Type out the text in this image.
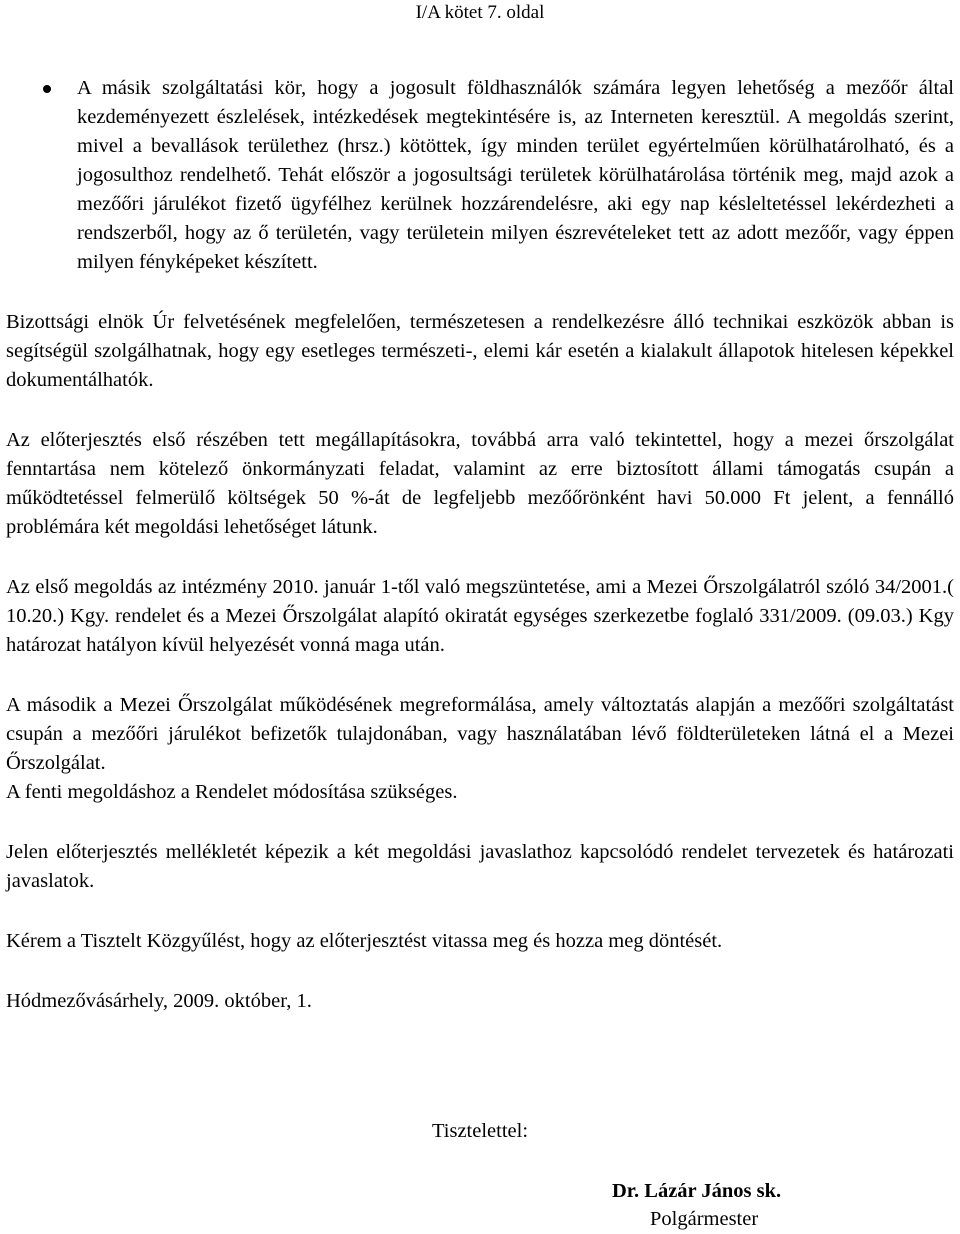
I/A kötet 7. oldal
A másik szolgáltatási kör, hogy a jogosult földhasználók számára legyen lehetőség a mezőőr által kezdeményezett észlelések, intézkedések megtekintésére is, az Interneten keresztül. A megoldás szerint, mivel a bevallások területhez (hrsz.) kötöttek, így minden terület egyértelműen körülhatárolható, és a jogosulthoz rendelhető. Tehát először a jogosultsági területek körülhatárolása történik meg, majd azok a mezőőri járulékot fizető ügyfélhez kerülnek hozzárendelésre, aki egy nap késleltetéssel lekérdezheti a rendszerből, hogy az ő területén, vagy területein milyen észrevételeket tett az adott mezőőr, vagy éppen milyen fényképeket készített.
Bizottsági elnök Úr felvetésének megfelelően, természetesen a rendelkezésre álló technikai eszközök abban is segítségül szolgálhatnak, hogy egy esetleges természeti-, elemi kár esetén a kialakult állapotok hitelesen képekkel dokumentálhatók.
Az előterjesztés első részében tett megállapításokra, továbbá arra való tekintettel, hogy a mezei őrszolgálat fenntartása nem kötelező önkormányzati feladat, valamint az erre biztosított állami támogatás csupán a működtetéssel felmerülő költségek 50 %-át de legfeljebb mezőőrönként havi 50.000 Ft jelent, a fennálló problémára két megoldási lehetőséget látunk.
Az első megoldás az intézmény 2010. január 1-től való megszüntetése, ami a Mezei Őrszolgálatról szóló 34/2001.( 10.20.) Kgy. rendelet és a Mezei Őrszolgálat alapító okiratát egységes szerkezetbe foglaló 331/2009. (09.03.) Kgy határozat hatályon kívül helyezését vonná maga után.
A második a Mezei Őrszolgálat működésének megreformálása, amely változtatás alapján a mezőőri szolgáltatást csupán a mezőőri járulékot befizetők tulajdonában, vagy használatában lévő földterületeken látná el a Mezei Őrszolgálat.
A fenti megoldáshoz a Rendelet módosítása szükséges.
Jelen előterjesztés mellékletét képezik a két megoldási javaslathoz kapcsolódó rendelet tervezetek és határozati javaslatok.
Kérem a Tisztelt Közgyűlést, hogy az előterjesztést vitassa meg és hozza meg döntését.
Hódmezővásárhely, 2009. október, 1.
Tisztelettel:
Dr. Lázár János sk.
Polgármester
